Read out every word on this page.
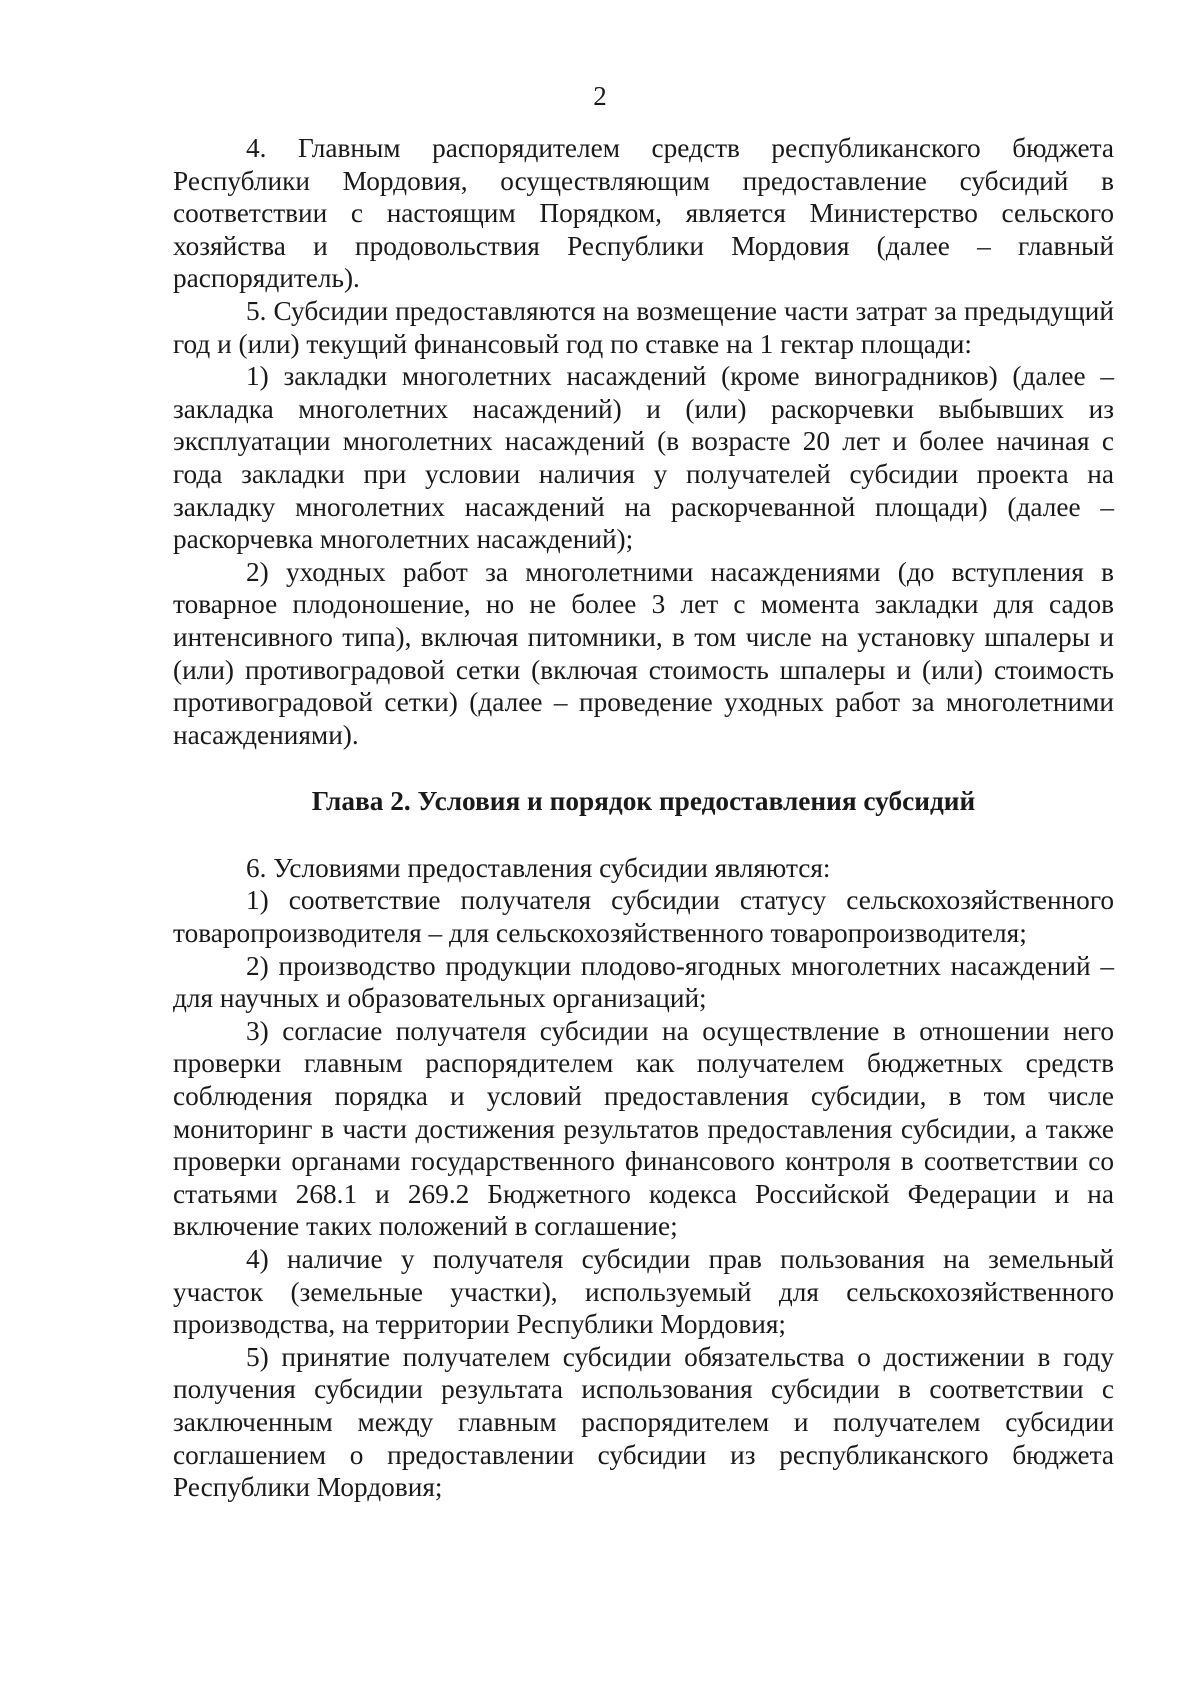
2

4. Главным распорядителем средств республиканского бюджета Республики Мордовия, осуществляющим предоставление субсидий в соответствии с настоящим Порядком, является Министерство сельского хозяйства и продовольствия Республики Мордовия (далее – главный распорядитель).

5. Субсидии предоставляются на возмещение части затрат за предыдущий год и (или) текущий финансовый год по ставке на 1 гектар площади:

1) закладки многолетних насаждений (кроме виноградников) (далее – закладка многолетних насаждений) и (или) раскорчевки выбывших из эксплуатации многолетних насаждений (в возрасте 20 лет и более начиная с года закладки при условии наличия у получателей субсидии проекта на закладку многолетних насаждений на раскорчеванной площади) (далее – раскорчевка многолетних насаждений);

2) уходных работ за многолетними насаждениями (до вступления в товарное плодоношение, но не более 3 лет с момента закладки для садов интенсивного типа), включая питомники, в том числе на установку шпалеры и (или) противоградовой сетки (включая стоимость шпалеры и (или) стоимость противоградовой сетки) (далее – проведение уходных работ за многолетними насаждениями).

Глава 2. Условия и порядок предоставления субсидий

6. Условиями предоставления субсидии являются:

1) соответствие получателя субсидии статусу сельскохозяйственного товаропроизводителя – для сельскохозяйственного товаропроизводителя;

2) производство продукции плодово-ягодных многолетних насаждений – для научных и образовательных организаций;

3) согласие получателя субсидии на осуществление в отношении него проверки главным распорядителем как получателем бюджетных средств соблюдения порядка и условий предоставления субсидии, в том числе мониторинг в части достижения результатов предоставления субсидии, а также проверки органами государственного финансового контроля в соответствии со статьями 268.1 и 269.2 Бюджетного кодекса Российской Федерации и на включение таких положений в соглашение;

4) наличие у получателя субсидии прав пользования на земельный участок (земельные участки), используемый для сельскохозяйственного производства, на территории Республики Мордовия;

5) принятие получателем субсидии обязательства о достижении в году получения субсидии результата использования субсидии в соответствии с заключенным между главным распорядителем и получателем субсидии соглашением о предоставлении субсидии из республиканского бюджета Республики Мордовия;
